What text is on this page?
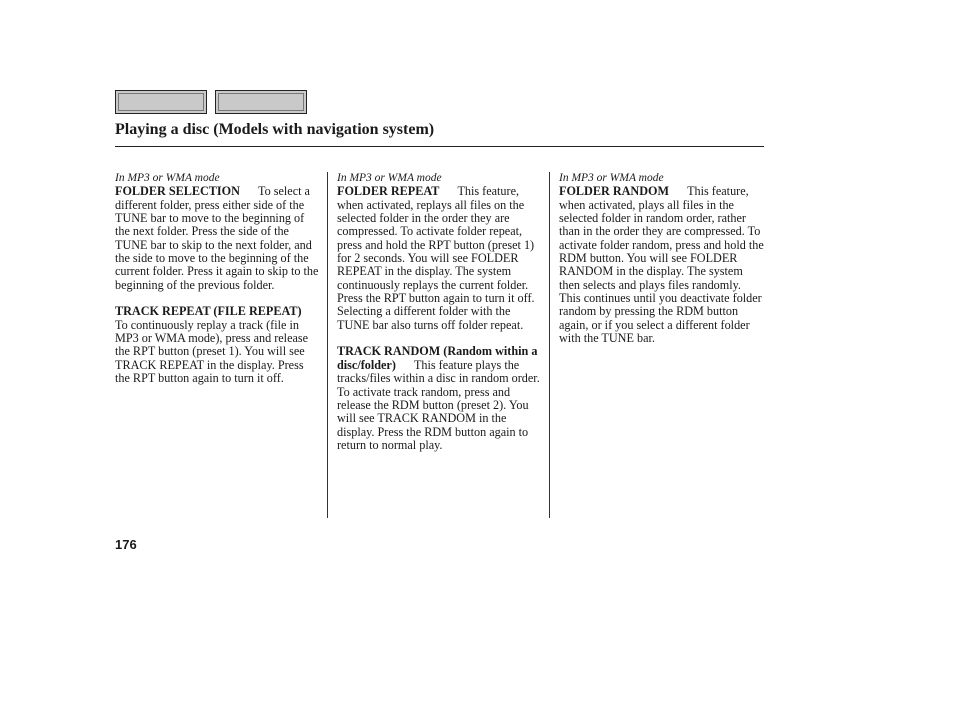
Playing a disc (Models with navigation system)
In MP3 or WMA mode

FOLDER SELECTION To select a different folder, press either side of the TUNE bar to move to the beginning of the next folder. Press the side of the TUNE bar to skip to the next folder, and the side to move to the beginning of the current folder. Press it again to skip to the beginning of the previous folder.

TRACK REPEAT (FILE REPEAT)      To continuously replay a track (file in MP3 or WMA mode), press and release the RPT button (preset 1). You will see TRACK REPEAT in the display. Press the RPT button again to turn it off.

In MP3 or WMA mode

FOLDER REPEAT This feature, when activated, replays all files on the selected folder in the order they are compressed. To activate folder repeat, press and hold the RPT button (preset 1) for 2 seconds. You will see FOLDER REPEAT in the display. The system continuously replays the current folder. Press the RPT button again to turn it off. Selecting a different folder with the TUNE bar also turns off folder repeat.

TRACK RANDOM (Random within a disc/folder) This feature plays the tracks/files within a disc in random order. To activate track random, press and release the RDM button (preset 2). You will see TRACK RANDOM in the display. Press the RDM button again to return to normal play.

In MP3 or WMA mode

FOLDER RANDOM This feature, when activated, plays all files in the selected folder in random order, rather than in the order they are compressed. To activate folder random, press and hold the RDM button. You will see FOLDER RANDOM in the display. The system then selects and plays files randomly. This continues until you deactivate folder random by pressing the RDM button again, or if you select a different folder with the TUNE bar.

176
